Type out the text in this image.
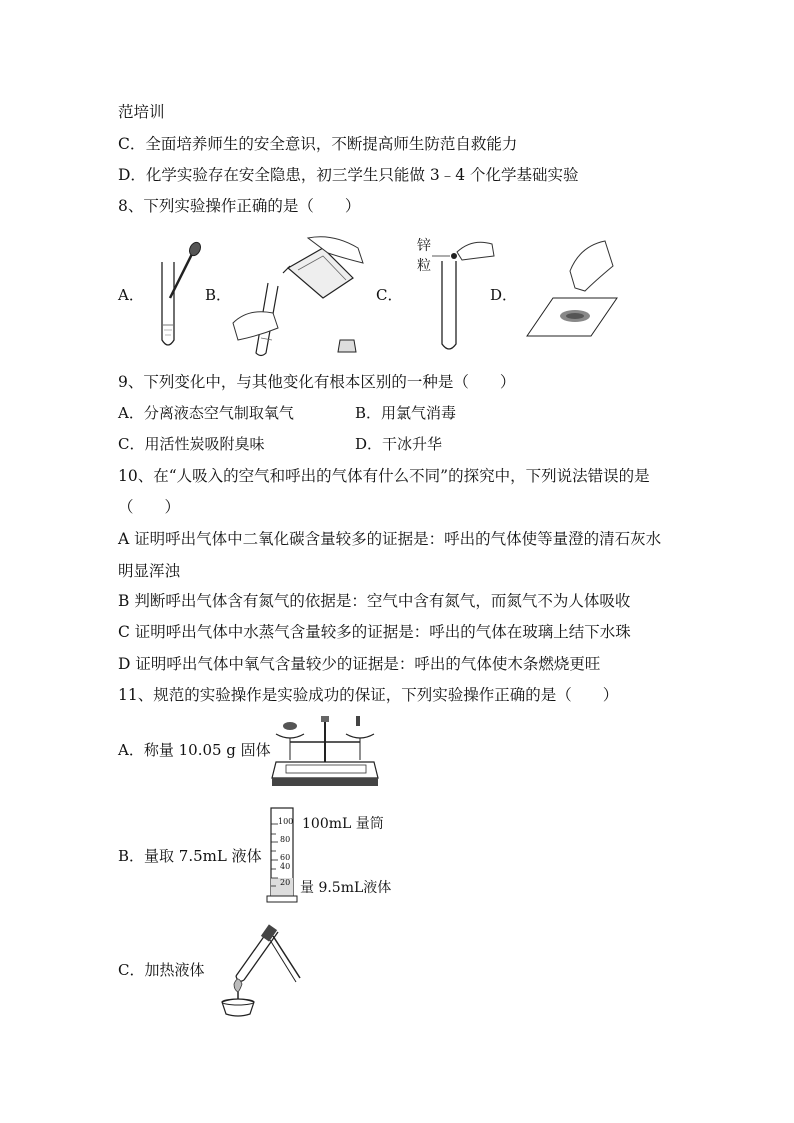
范培训
C．全面培养师生的安全意识，不断提高师生防范自救能力
D．化学实验存在安全隐患，初三学生只能做 3﹣4 个化学基础实验
8、下列实验操作正确的是（　　）
A．	B．	C．	D．
锌
粒
9、下列变化中，与其他变化有根本区别的一种是（　　）
A．分离液态空气制取氧气	B．用氯气消毒
C．用活性炭吸附臭味	D．干冰升华
10、在“人吸入的空气和呼出的气体有什么不同”的探究中，下列说法错误的是
（　　）
A 证明呼出气体中二氧化碳含量较多的证据是：呼出的气体使等量澄的清石灰水
明显浑浊
B 判断呼出气体含有氮气的依据是：空气中含有氮气，而氮气不为人体吸收
C 证明呼出气体中水蒸气含量较多的证据是：呼出的气体在玻璃上结下水珠
D 证明呼出气体中氧气含量较少的证据是：呼出的气体使木条燃烧更旺
11、规范的实验操作是实验成功的保证，下列实验操作正确的是（　　）
A．称量 10.05 g 固体
B．量取 7.5mL 液体
100mL 量筒
量 9.5mL液体
100
80
60
40
20
C．加热液体
